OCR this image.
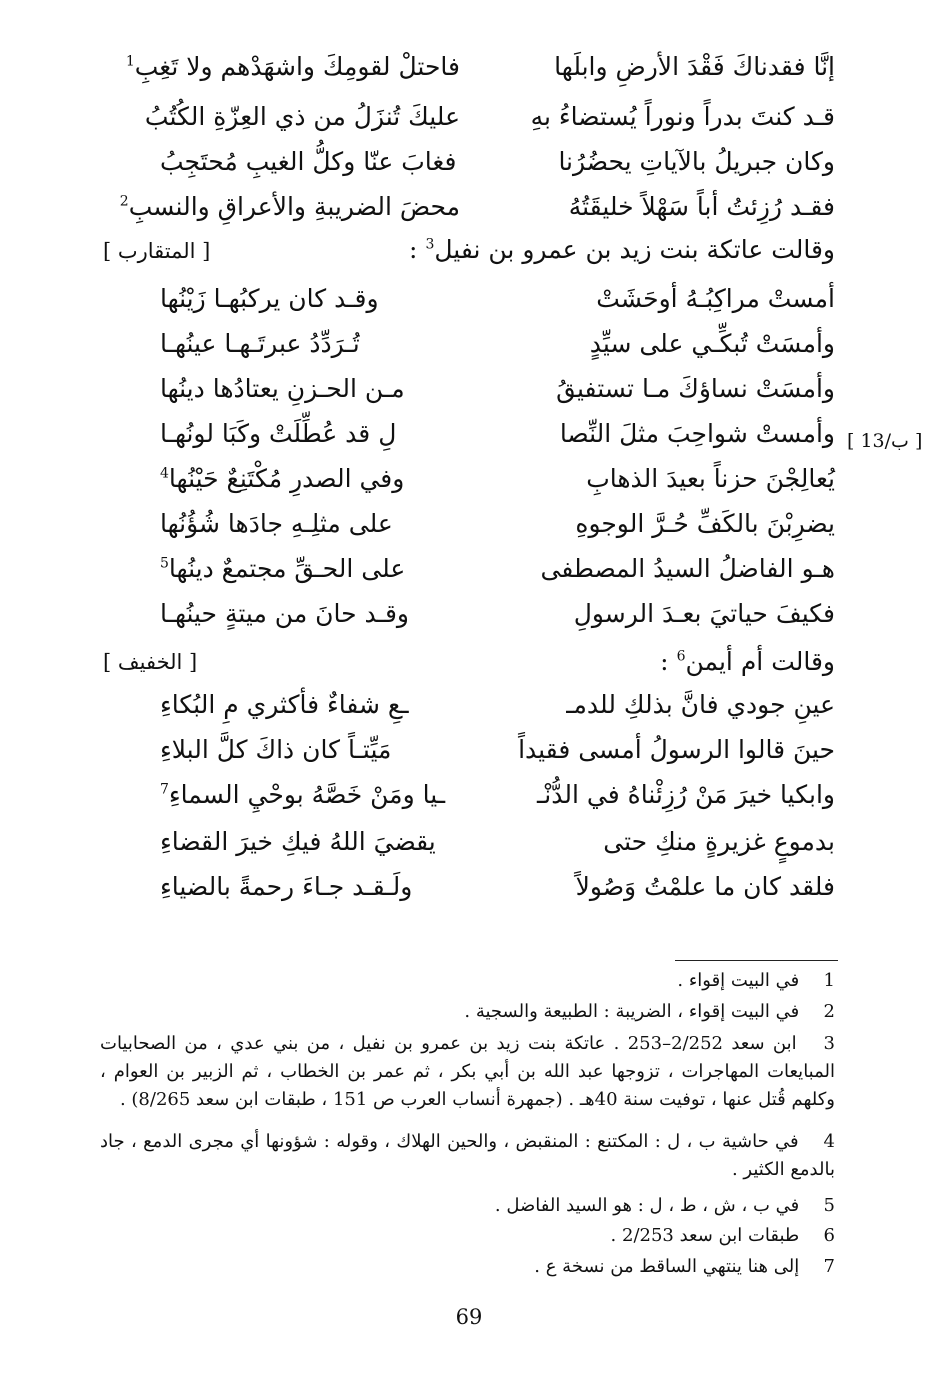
إنَّا فقدناكَ فَقْدَ الأرضِ وابلَها
فاحتلْ لقومِكَ واشهَدْهم ولا تَغِبِ$^1$
قـد كنتَ بدراً ونوراً يُستضاءُ بهِ
عليكَ تُنزَلُ من ذي العِزّةِ الكُتُبُ
وكان جبريلُ بالآياتِ يحضُرُنا
فغابَ عنّا وكلُّ الغيبِ مُحتَجِبُ
فقـد رُزِئتُ أباً سَهْلاً خليقَتُهُ
محضَ الضريبةِ والأعراقِ والنسبِ$^2$
وقالت عاتكة بنت زيد بن عمرو بن نفيل$^3$ :
[ المتقارب ]
أمستْ مراكِبُـهُ أوحَشَتْ
وقـد كان يركبُهـا زَيْنُها
وأمسَتْ تُبكِّـي على سيِّدٍ
تُـرَدِّدُ عبرتَـهـا عينُهـا
وأمسَتْ نساؤكَ مـا تستفيقُ
مـن الحـزنِ يعتادُها دينُها
وأمستْ شواحِبَ مثلَ النِّصا
لِ قد عُطِّلَتْ وكَبَا لونُهـا
يُعالِجْنَ حزناً بعيدَ الذهابِ
وفي الصدرِ مُكْتَنِعٌ حَيْنُها$^4$
يضرِبْنَ بالكَفِّ حُـرَّ الوجوهِ
على مثلِـهِ جادَها شُؤُنُها
هـو الفاضلُ السيدُ المصطفى
على الحـقِّ مجتمعٌ دينُها$^5$
فكيفَ حياتيَ بعـدَ الرسولِ
وقـد حانَ من ميتةٍ حينُهـا
[ 13/ب ]
وقالت أم أيمن$^6$ :
[ الخفيف ]
عينِ جودي فانَّ بذلكِ للدمـ
ـعِ شفاءٌ فأكثري مِ البُكاءِ
حينَ قالوا الرسولُ أمسى فقيداً
مَيِّتـاً كان ذاكَ كلَّ البلاءِ
وابكيا خيرَ مَنْ رُزِئْناهُ في الدُّنْـ
ـيا ومَنْ خَصَّهُ بوحْيِ السماءِ$^7$
بدموعٍ غزيرةٍ منكِ حتى
يقضيَ اللهُ فيكِ خيرَ القضاءِ
فلقد كان ما علمْتُ وَصُولاً
ولَـقـد جـاءَ رحمةً بالضياءِ
1 في البيت إقواء .
2 في البيت إقواء ، الضريبة : الطبيعة والسجية .
3 ابن سعد 2/252–253 . عاتكة بنت زيد بن عمرو بن نفيل ، من بني عدي ، من الصحابيات المبايعات المهاجرات ، تزوجها عبد الله بن أبي بكر ، ثم عمر بن الخطاب ، ثم الزبير بن العوام ، وكلهم قُتل عنها ، توفيت سنة 40هـ . (جمهرة أنساب العرب ص 151 ، طبقات ابن سعد 8/265) .
4 في حاشية ب ، ل : المكتنع : المنقبض ، والحين الهلاك ، وقوله : شؤونها أي مجرى الدمع ، جاد بالدمع الكثير .
5 في ب ، ش ، ط ، ل : هو السيد الفاضل .
6 طبقات ابن سعد 2/253 .
7 إلى هنا ينتهي الساقط من نسخة ع .
69
